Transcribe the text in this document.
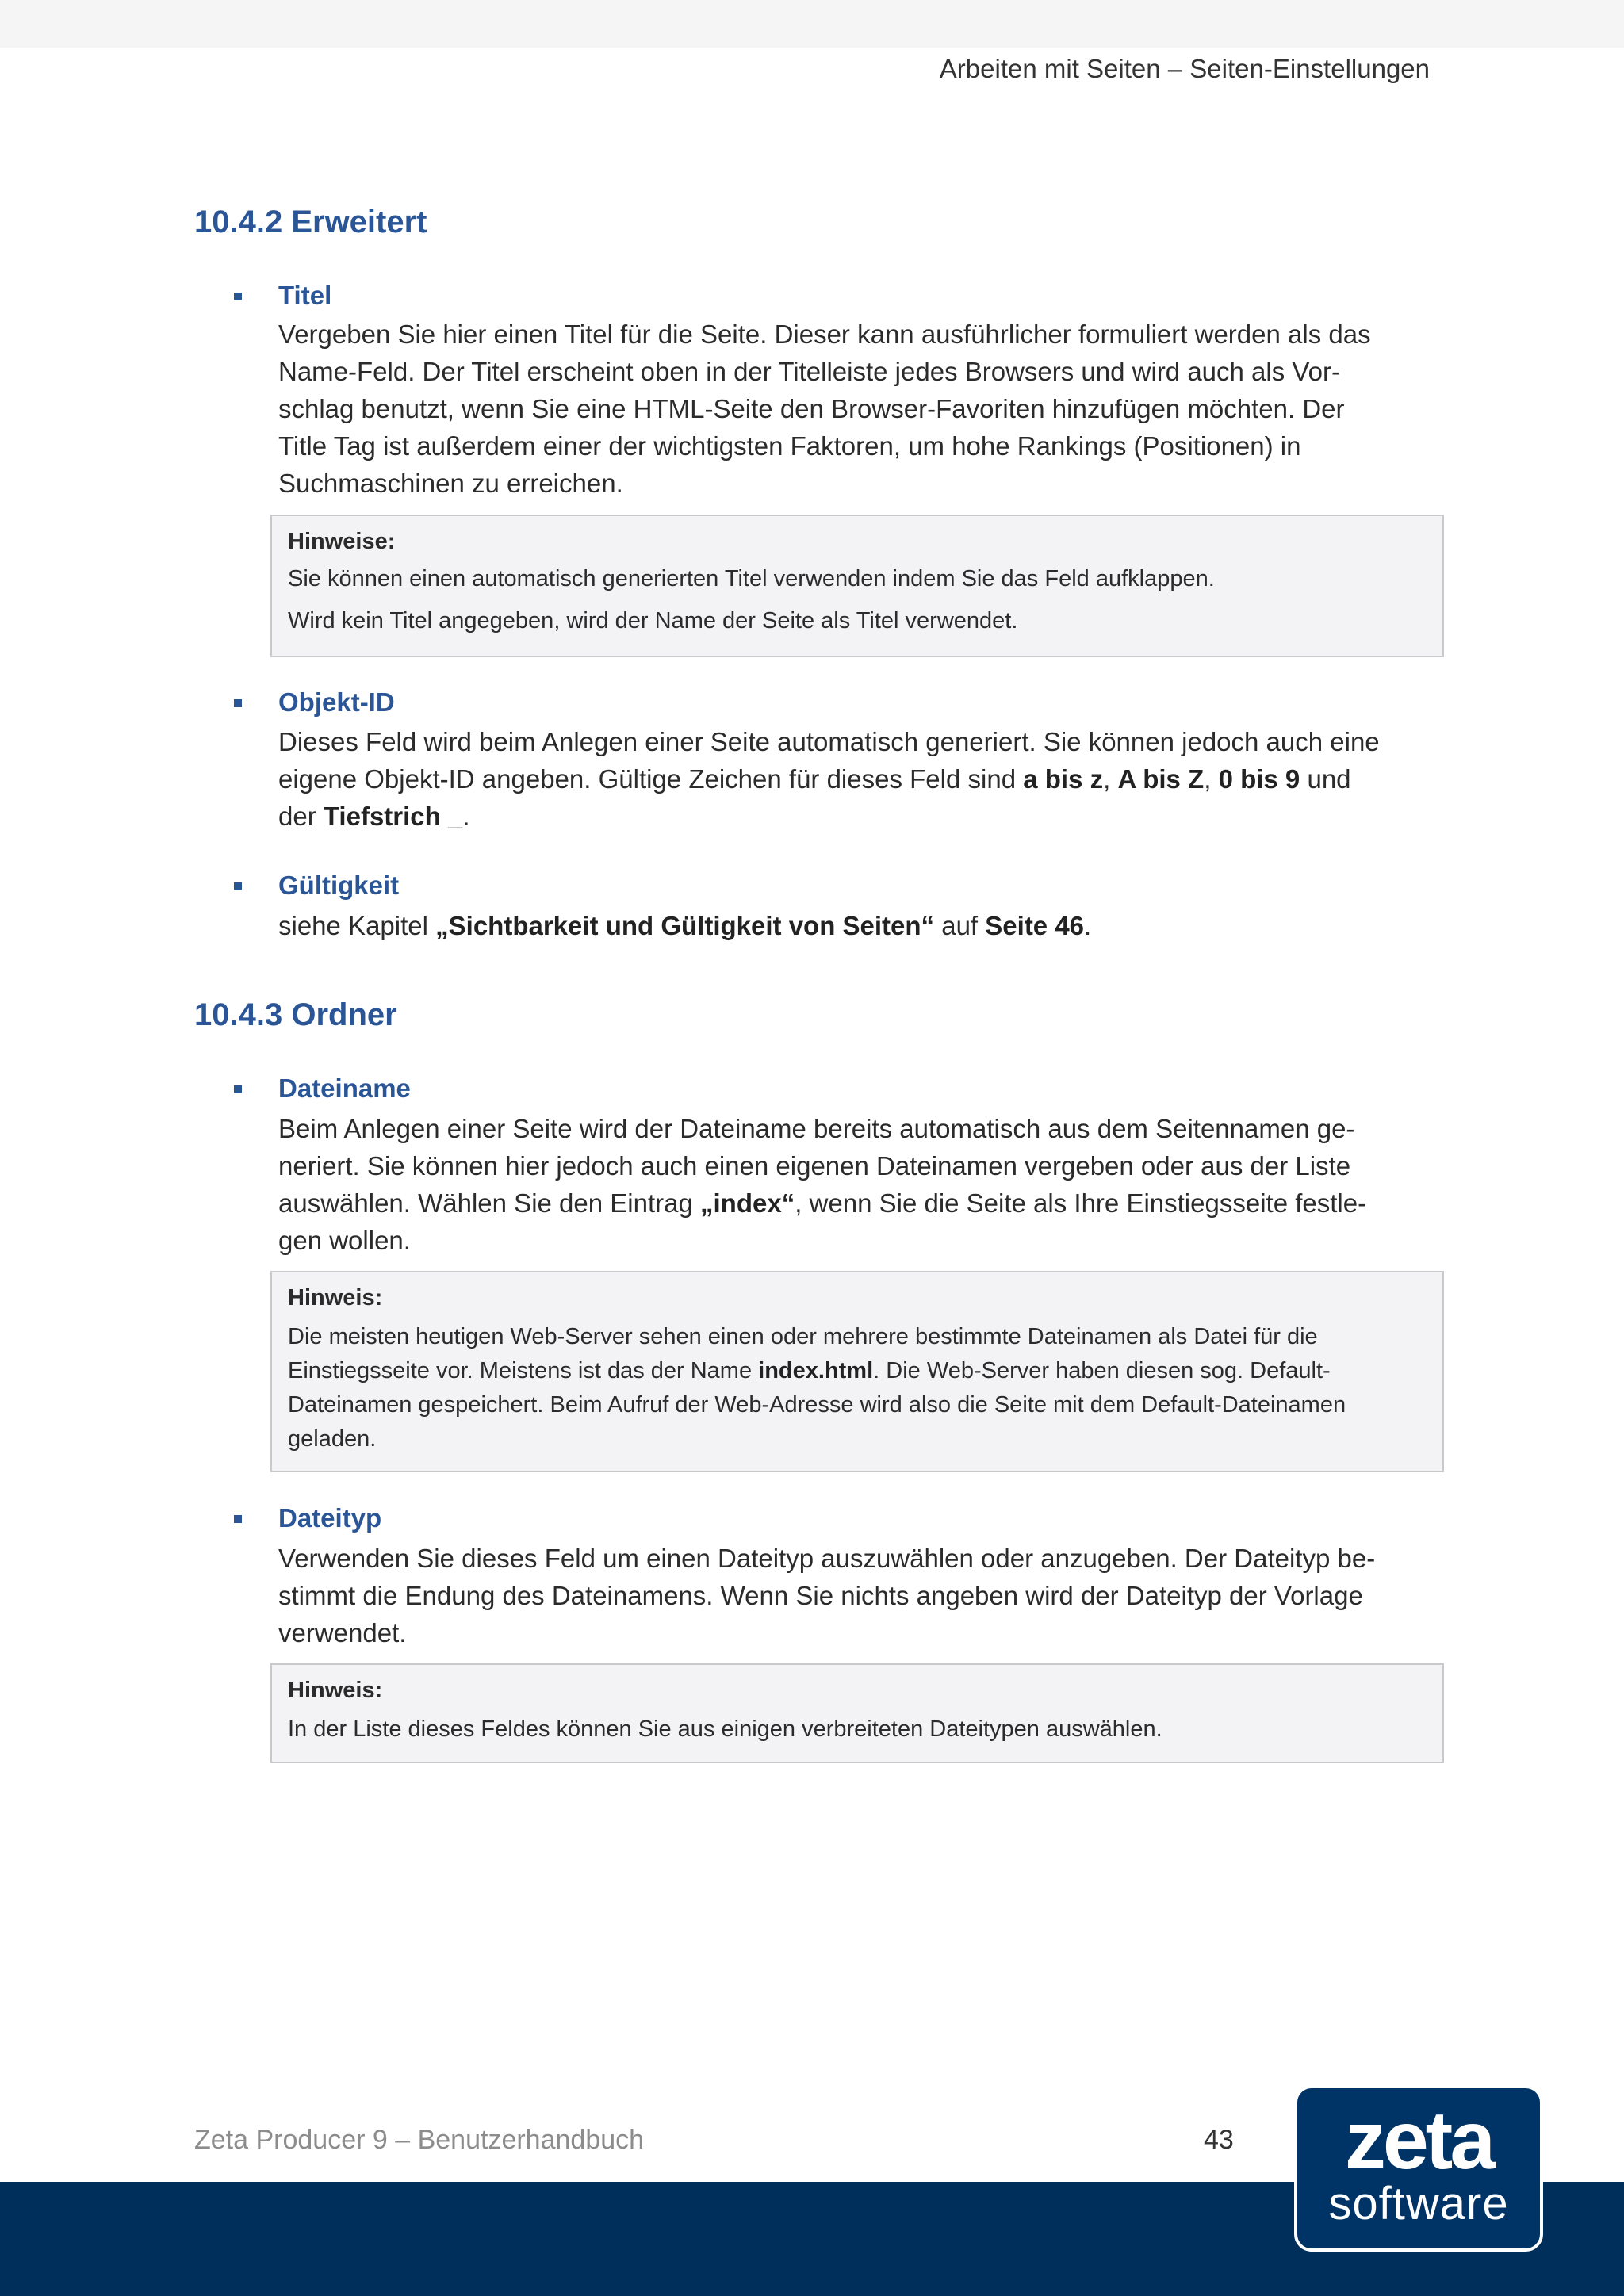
Arbeiten mit Seiten – Seiten-Einstellungen
10.4.2 Erweitert
Titel
Vergeben Sie hier einen Titel für die Seite. Dieser kann ausführlicher formuliert werden als das
Name-Feld. Der Titel erscheint oben in der Titelleiste jedes Browsers und wird auch als Vor-
schlag benutzt, wenn Sie eine HTML-Seite den Browser-Favoriten hinzufügen möchten. Der
Title Tag ist außerdem einer der wichtigsten Faktoren, um hohe Rankings (Positionen) in
Suchmaschinen zu erreichen.
Hinweise:
Sie können einen automatisch generierten Titel verwenden indem Sie das Feld aufklappen.
Wird kein Titel angegeben, wird der Name der Seite als Titel verwendet.
Objekt-ID
Dieses Feld wird beim Anlegen einer Seite automatisch generiert. Sie können jedoch auch eine
eigene Objekt-ID angeben. Gültige Zeichen für dieses Feld sind a bis z, A bis Z, 0 bis 9 und
der Tiefstrich _.
Gültigkeit
siehe Kapitel „Sichtbarkeit und Gültigkeit von Seiten“ auf Seite 46.
10.4.3 Ordner
Dateiname
Beim Anlegen einer Seite wird der Dateiname bereits automatisch aus dem Seitennamen ge-
neriert. Sie können hier jedoch auch einen eigenen Dateinamen vergeben oder aus der Liste
auswählen. Wählen Sie den Eintrag „index“, wenn Sie die Seite als Ihre Einstiegsseite festle-
gen wollen.
Hinweis:
Die meisten heutigen Web-Server sehen einen oder mehrere bestimmte Dateinamen als Datei für die
Einstiegsseite vor. Meistens ist das der Name index.html. Die Web-Server haben diesen sog. Default-
Dateinamen gespeichert. Beim Aufruf der Web-Adresse wird also die Seite mit dem Default-Dateinamen
geladen.
Dateityp
Verwenden Sie dieses Feld um einen Dateityp auszuwählen oder anzugeben. Der Dateityp be-
stimmt die Endung des Dateinamens. Wenn Sie nichts angeben wird der Dateityp der Vorlage
verwendet.
Hinweis:
In der Liste dieses Feldes können Sie aus einigen verbreiteten Dateitypen auswählen.
Zeta Producer 9 – Benutzerhandbuch	43	zeta
software
